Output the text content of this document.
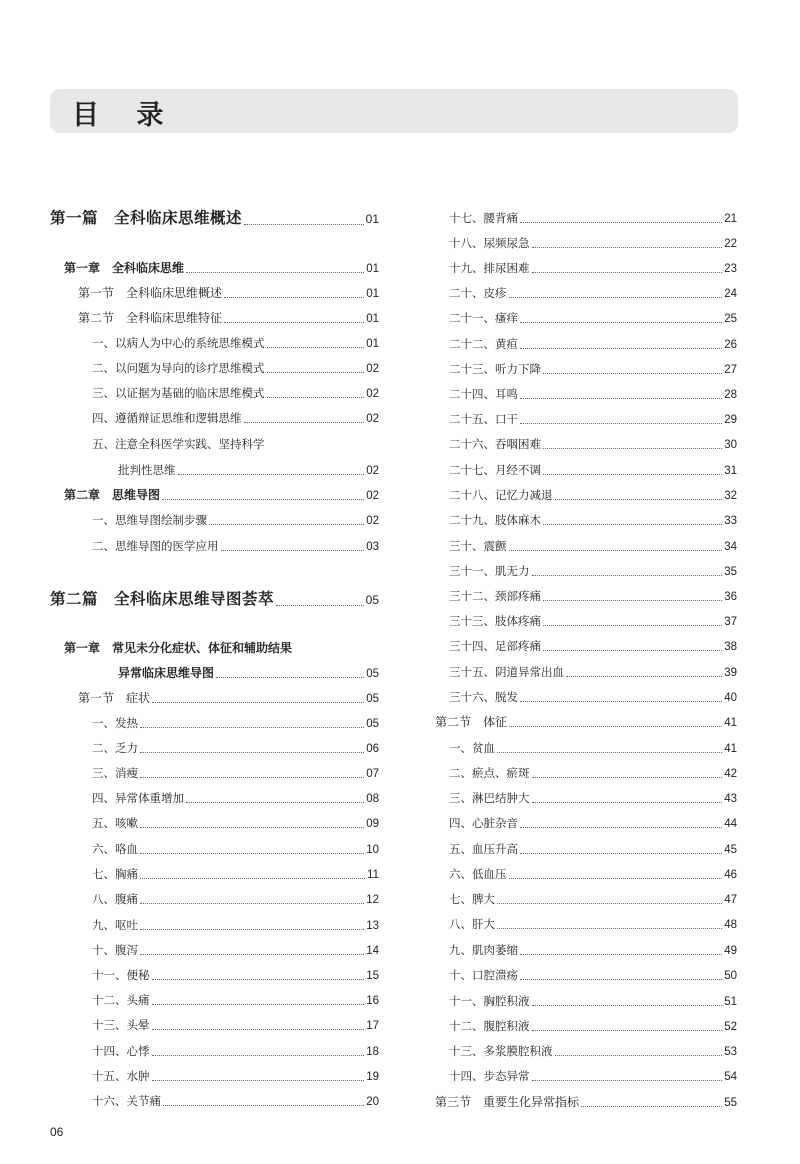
目 录
第一篇　全科临床思维概述	01
第一章　全科临床思维	01
第一节　全科临床思维概述	01
第二节　全科临床思维特征	01
一、以病人为中心的系统思维模式	01
二、以问题为导向的诊疗思维模式	02
三、以证据为基础的临床思维模式	02
四、遵循辩证思维和逻辑思维	02
五、注意全科医学实践、坚持科学
批判性思维	02
第二章　思维导图	02
一、思维导图绘制步骤	02
二、思维导图的医学应用	03
第二篇　全科临床思维导图荟萃	05
第一章　常见未分化症状、体征和辅助结果
异常临床思维导图	05
第一节　症状	05
一、发热	05
二、乏力	06
三、消瘦	07
四、异常体重增加	08
五、咳嗽	09
六、咯血	10
七、胸痛	11
八、腹痛	12
九、呕吐	13
十、腹泻	14
十一、便秘	15
十二、头痛	16
十三、头晕	17
十四、心悸	18
十五、水肿	19
十六、关节痛	20
十七、腰背痛	21
十八、尿频尿急	22
十九、排尿困难	23
二十、皮疹	24
二十一、瘙痒	25
二十二、黄疸	26
二十三、听力下降	27
二十四、耳鸣	28
二十五、口干	29
二十六、吞咽困难	30
二十七、月经不调	31
二十八、记忆力减退	32
二十九、肢体麻木	33
三十、震颤	34
三十一、肌无力	35
三十二、颈部疼痛	36
三十三、肢体疼痛	37
三十四、足部疼痛	38
三十五、阴道异常出血	39
三十六、脱发	40
第二节　体征	41
一、贫血	41
二、瘀点、瘀斑	42
三、淋巴结肿大	43
四、心脏杂音	44
五、血压升高	45
六、低血压	46
七、脾大	47
八、肝大	48
九、肌肉萎缩	49
十、口腔溃疡	50
十一、胸腔积液	51
十二、腹腔积液	52
十三、多浆膜腔积液	53
十四、步态异常	54
第三节　重要生化异常指标	55
06
